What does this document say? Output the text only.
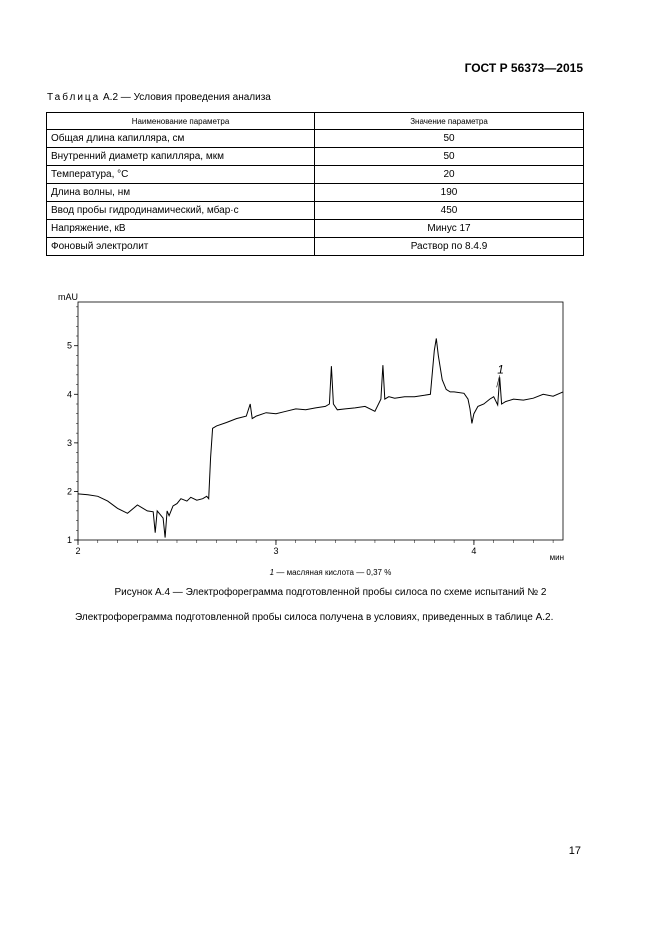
ГОСТ Р 56373—2015
Таблица А.2 — Условия проведения анализа
Наименование параметра	Значение параметра
Общая длина капилляра, см	50
Внутренний диаметр капилляра, мкм	50
Температура, °С	20
Длина волны, нм	190
Ввод пробы гидродинамический, мбар·с	450
Напряжение, кВ	Минус 17
Фоновый электролит	Раствор по 8.4.9
1
2
3
4
5
2	3	4
mAU
мин
1
1 — масляная кислота — 0,37 %
Рисунок А.4 — Электрофореграмма подготовленной пробы силоса по схеме испытаний № 2
Электрофореграмма подготовленной пробы силоса получена в условиях, приведенных в таблице А.2.
17
